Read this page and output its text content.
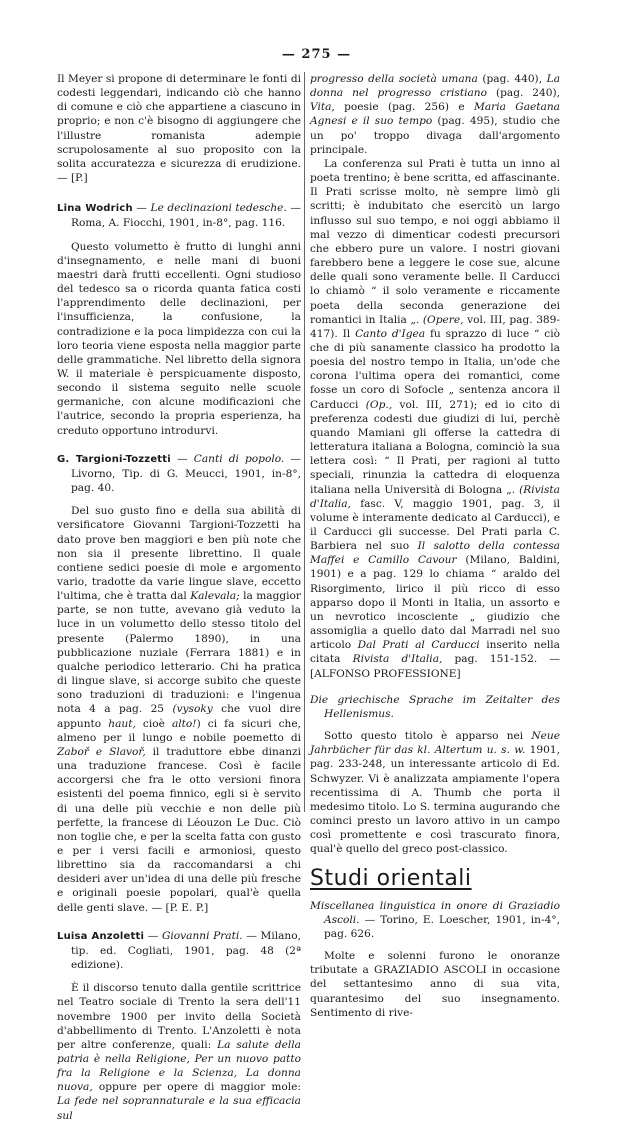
— 275 —

Il Meyer si propone di determinare le fonti di codesti leggendari, indicando ciò che hanno di comune e ciò che appartiene a ciascuno in proprio; e non c'è bisogno di aggiungere che l'illustre romanista adempie scrupolosamente al suo proposito con la solita accuratezza e sicurezza di erudizione. — [P.]

Lina Wodrich — Le declinazioni tedesche. — Roma, A. Fiocchi, 1901, in-8°, pag. 116.

Questo volumetto è frutto di lunghi anni d'insegnamento, e nelle mani di buoni maestri darà frutti eccellenti. Ogni studioso del tedesco sa o ricorda quanta fatica costi l'apprendimento delle declinazioni, per l'insufficienza, la confusione, la contradizione e la poca limpidezza con cui la loro teoria viene esposta nella maggior parte delle grammatiche. Nel libretto della signora W. il materiale è perspicuamente disposto, secondo il sistema seguito nelle scuole germaniche, con alcune modificazioni che l'autrice, secondo la propria esperienza, ha creduto opportuno introdurvi.

G. Targioni-Tozzetti — Canti di popolo. — Livorno, Tip. di G. Meucci, 1901, in-8°, pag. 40.

Del suo gusto fino e della sua abilità di versificatore Giovanni Targioni-Tozzetti ha dato prove ben maggiori e ben più note che non sia il presente librettino. Il quale contiene sedici poesie di mole e argomento vario, tradotte da varie lingue slave, eccetto l'ultima, che è tratta dal Kalevala; la maggior parte, se non tutte, avevano già veduto la luce in un volumetto dello stesso titolo del presente (Palermo 1890), in una pubblicazione nuziale (Ferrara 1881) e in qualche periodico letterario. Chi ha pratica di lingue slave, si accorge subito che queste sono traduzioni di traduzioni: e l'ingenua nota 4 a pag. 25 (vysoky che vuol dire appunto haut, cioè alto!) ci fa sicuri che, almeno per il lungo e nobile poemetto di Zaboř e Slavoř, il traduttore ebbe dinanzi una traduzione francese. Così è facile accorgersi che fra le otto versioni finora esistenti del poema finnico, egli si è servito di una delle più vecchie e non delle più perfette, la francese di Léouzon Le Duc. Ciò non toglie che, e per la scelta fatta con gusto e per i versi facili e armoniosi, questo librettino sia da raccomandarsi a chi desideri aver un'idea di una delle più fresche e originali poesie popolari, qual'è quella delle genti slave. — [P. E. P.]

Luisa Anzoletti — Giovanni Prati. — Milano, tip. ed. Cogliati, 1901, pag. 48 (2ª edizione).

È il discorso tenuto dalla gentile scrittrice nel Teatro sociale di Trento la sera dell'11 novembre 1900 per invito della Società d'abbellimento di Trento. L'Anzoletti è nota per altre conferenze, quali: La salute della patria è nella Religione, Per un nuovo patto fra la Religione e la Scienza, La donna nuova, oppure per opere di maggior mole: La fede nel soprannaturale e la sua efficacia sul

progresso della società umana (pag. 440), La donna nel progresso cristiano (pag. 240), Vita, poesie (pag. 256) e Maria Gaetana Agnesi e il suo tempo (pag. 495), studio che un po' troppo divaga dall'argomento principale.

La conferenza sul Prati è tutta un inno al poeta trentino; è bene scritta, ed affascinante. Il Prati scrisse molto, nè sempre limò gli scritti; è indubitato che esercitò un largo influsso sul suo tempo, e noi oggi abbiamo il mal vezzo di dimenticar codesti precursori che ebbero pure un valore. I nostri giovani farebbero bene a leggere le cose sue, alcune delle quali sono veramente belle. Il Carducci lo chiamò “ il solo veramente e riccamente poeta della seconda generazione dei romantici in Italia „. (Opere, vol. III, pag. 389-417). Il Canto d'Igea fu sprazzo di luce “ ciò che di più sanamente classico ha prodotto la poesia del nostro tempo in Italia, un'ode che corona l'ultima opera dei romantici, come fosse un coro di Sofocle „ sentenza ancora il Carducci (Op., vol. III, 271); ed io cito di preferenza codesti due giudizi di lui, perchè quando Mamiani gli offerse la cattedra di letteratura italiana a Bologna, cominciò la sua lettera così: “ Il Prati, per ragioni al tutto speciali, rinunzia la cattedra di eloquenza italiana nella Università di Bologna „. (Rivista d'Italia, fasc. V, maggio 1901, pag. 3, il volume è interamente dedicato al Carducci), e il Carducci gli successe. Del Prati parla C. Barbiera nel suo Il salotto della contessa Maffei e Camillo Cavour (Milano, Baldini, 1901) e a pag. 129 lo chiama “ araldo del Risorgimento, lirico il più ricco di esso apparso dopo il Monti in Italia, un assorto e un nevrotico incosciente „ giudizio che assomiglia a quello dato dal Marradi nel suo articolo Dal Prati al Carducci inserito nella citata Rivista d'Italia, pag. 151-152. — [ALFONSO PROFESSIONE]

Die griechische Sprache im Zeitalter des Hellenismus.

Sotto questo titolo è apparso nei Neue Jahrbücher für das kl. Altertum u. s. w. 1901, pag. 233-248, un interessante articolo di Ed. Schwyzer. Vi è analizzata ampiamente l'opera recentissima di A. Thumb che porta il medesimo titolo. Lo S. termina augurando che cominci presto un lavoro attivo in un campo così promettente e così trascurato finora, qual'è quello del greco post-classico.

Studi orientali

Miscellanea linguistica in onore di Graziadio Ascoli. — Torino, E. Loescher, 1901, in-4°, pag. 626.

Molte e solenni furono le onoranze tributate a GRAZIADIO ASCOLI in occasione del settantesimo anno di sua vita, quarantesimo del suo insegnamento. Sentimento di rive-
